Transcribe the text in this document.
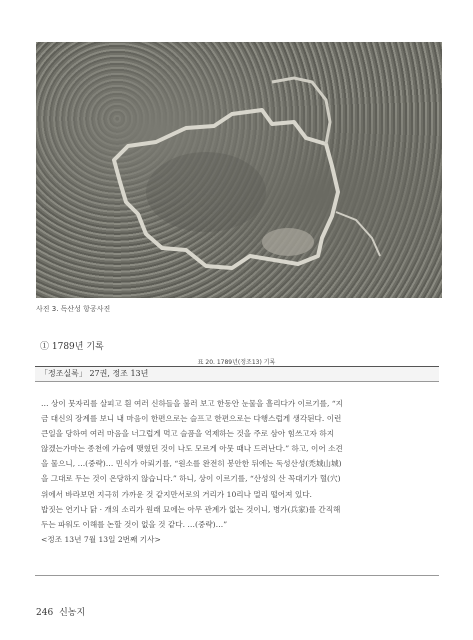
사진 3. 독산성 항공사진
① 1789년 기록
표 20. 1789년(정조13) 기록
「정조실록」 27권, 정조 13년
… 상이 뭇자리를 살피고 흰 여러 신하들을 불러 보고 한동안 눈물을 흘리다가 이르기를, “지
금 대신의 장계를 보니 내 마음이 한편으로는 슬프고 한편으로는 다행스럽게 생각된다. 이런
큰일을 당하여 여러 마음을 너그럽게 먹고 슬픔을 억제하는 것을 주로 삼아 힘쓰고자 하지
않겠는가마는 종천에 가슴에 맺혔던 것이 나도 모르게 아뭇 때나 드러난다.” 하고, 이어 소견
을 물으니, …(중략)… 민식가 아뢰기를, “원소를 완전히 봉안한 뒤에는 독성산성(禿城山城)
을 그대로 두는 것이 온당하지 않습니다.” 하니, 상이 이르기를, “산성의 산 꼭대기가 혈(穴)
위에서 바라보면 지극히 가까운 것 같지만서로의 거리가 10리나 멀리 떨어져 있다.
밥짓는 연기나 닭 · 개의 소리가 원래 묘에는 아무 관계가 없는 것이니, 병가(兵家)를 간직해
두는 파워도 이해를 논할 것이 없을 것 같다. …(중략)…”
<정조 13년 7월 13일 2번째 기사>
246 신농지
